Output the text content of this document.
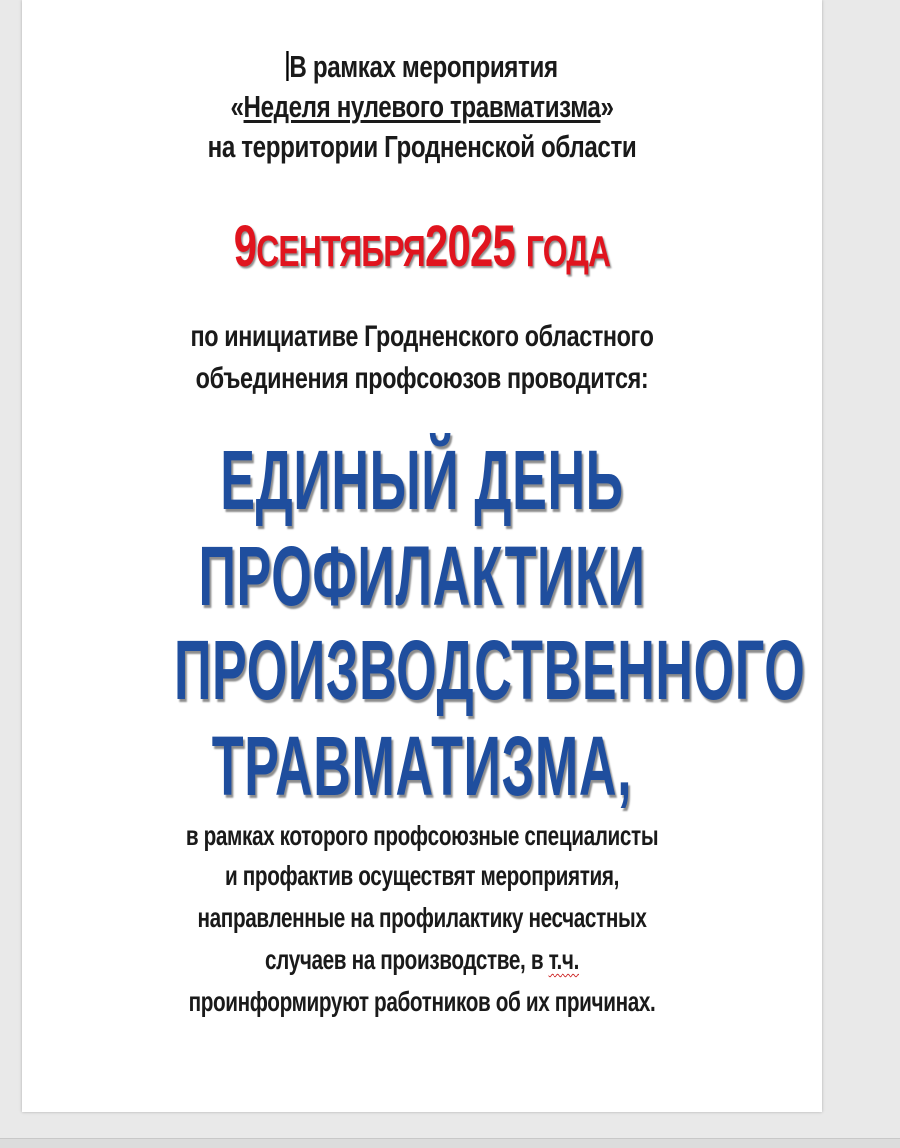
В рамках мероприятия
«Неделя нулевого травматизма»
на территории Гродненской области
9СЕНТЯБРЯ2025 ГОДА
по инициативе Гродненского областного
объединения профсоюзов проводится:
ЕДИНЫЙ ДЕНЬ
ПРОФИЛАКТИКИ
ПРОИЗВОДСТВЕННОГО
ТРАВМАТИЗМА,
в рамках которого профсоюзные специалисты
и профактив осуществят мероприятия,
направленные на профилактику несчастных
случаев на производстве, в т.ч.
проинформируют работников об их причинах.
